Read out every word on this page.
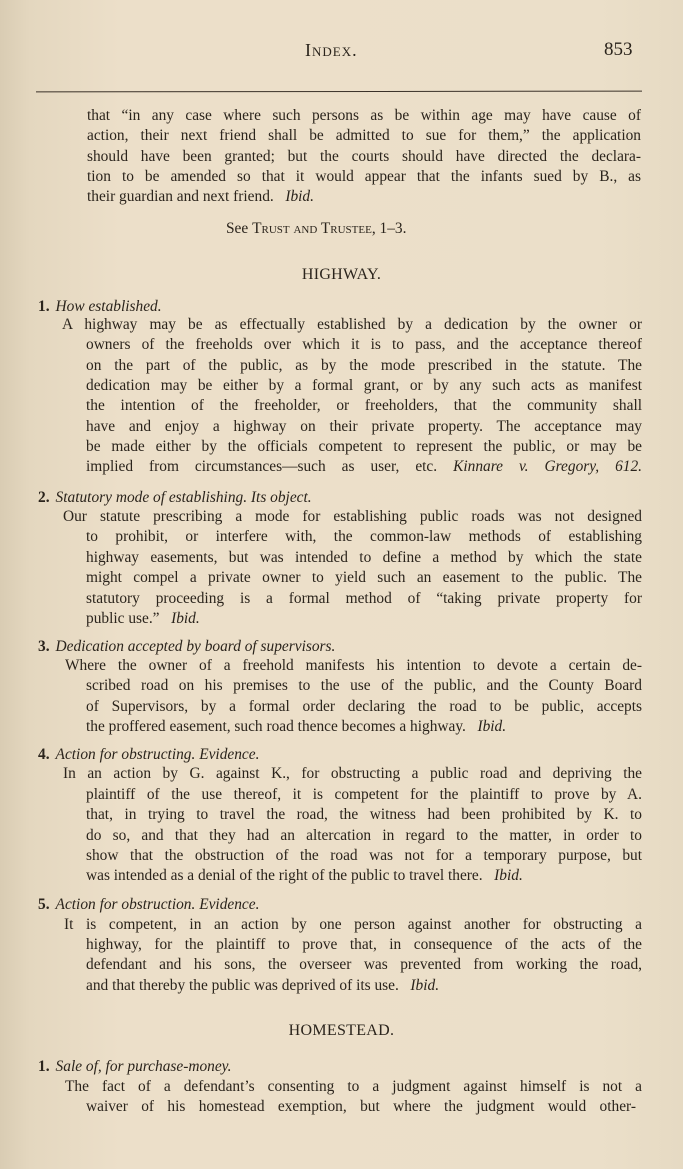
Index.	853
that “in any case where such persons as be within age may have cause of
action, their next friend shall be admitted to sue for them,” the application
should have been granted; but the courts should have directed the declara-
tion to be amended so that it would appear that the infants sued by B., as
their guardian and next friend. Ibid.
See Trust and Trustee, 1–3.
HIGHWAY.
1. How established.
A highway may be as effectually established by a dedication by the owner or
owners of the freeholds over which it is to pass, and the acceptance thereof
on the part of the public, as by the mode prescribed in the statute. The
dedication may be either by a formal grant, or by any such acts as manifest
the intention of the freeholder, or freeholders, that the community shall
have and enjoy a highway on their private property. The acceptance may
be made either by the officials competent to represent the public, or may be
implied from circumstances—such as user, etc. Kinnare v. Gregory, 612.
2. Statutory mode of establishing. Its object.
Our statute prescribing a mode for establishing public roads was not designed
to prohibit, or interfere with, the common-law methods of establishing
highway easements, but was intended to define a method by which the state
might compel a private owner to yield such an easement to the public. The
statutory proceeding is a formal method of “taking private property for
public use.” Ibid.
3. Dedication accepted by board of supervisors.
Where the owner of a freehold manifests his intention to devote a certain de-
scribed road on his premises to the use of the public, and the County Board
of Supervisors, by a formal order declaring the road to be public, accepts
the proffered easement, such road thence becomes a highway. Ibid.
4. Action for obstructing. Evidence.
In an action by G. against K., for obstructing a public road and depriving the
plaintiff of the use thereof, it is competent for the plaintiff to prove by A.
that, in trying to travel the road, the witness had been prohibited by K. to
do so, and that they had an altercation in regard to the matter, in order to
show that the obstruction of the road was not for a temporary purpose, but
was intended as a denial of the right of the public to travel there. Ibid.
5. Action for obstruction. Evidence.
It is competent, in an action by one person against another for obstructing a
highway, for the plaintiff to prove that, in consequence of the acts of the
defendant and his sons, the overseer was prevented from working the road,
and that thereby the public was deprived of its use. Ibid.
HOMESTEAD.
1. Sale of, for purchase-money.
The fact of a defendant’s consenting to a judgment against himself is not a
waiver of his homestead exemption, but where the judgment would other-
